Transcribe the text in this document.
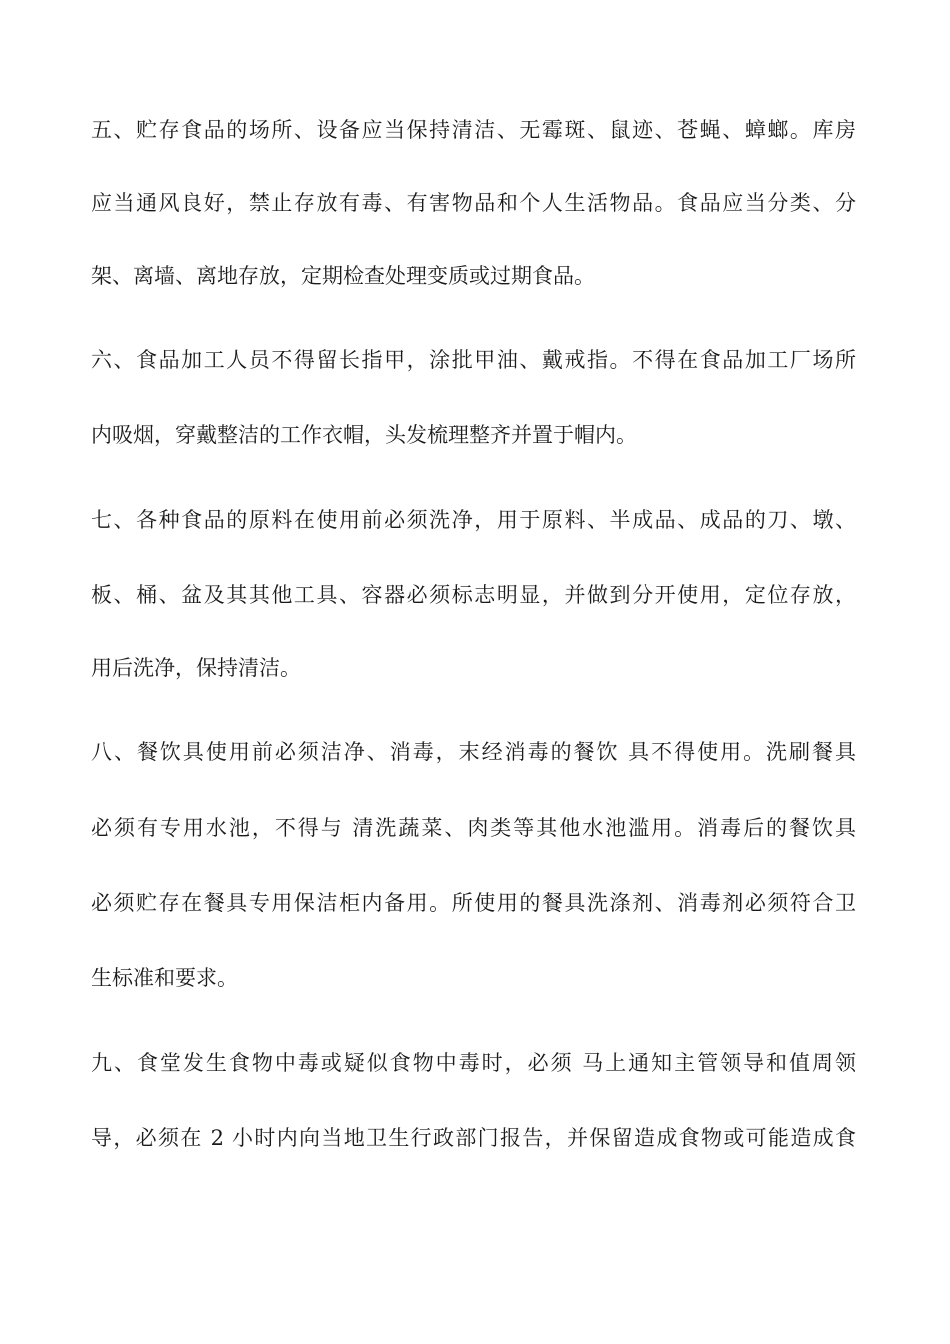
五、贮存食品的场所、设备应当保持清洁、无霉斑、鼠迹、苍蝇、蟑螂。库房
应当通风良好，禁止存放有毒、有害物品和个人生活物品。食品应当分类、分
架、离墙、离地存放，定期检查处理变质或过期食品。
六、食品加工人员不得留长指甲，涂批甲油、戴戒指。不得在食品加工厂场所
内吸烟，穿戴整洁的工作衣帽，头发梳理整齐并置于帽内。
七、各种食品的原料在使用前必须洗净，用于原料、半成品、成品的刀、墩、
板、桶、盆及其其他工具、容器必须标志明显，并做到分开使用，定位存放，
用后洗净，保持清洁。
八、餐饮具使用前必须洁净、消毒，末经消毒的餐饮 具不得使用。洗刷餐具
必须有专用水池，不得与 清洗蔬菜、肉类等其他水池滥用。消毒后的餐饮具
必须贮存在餐具专用保洁柜内备用。所使用的餐具洗涤剂、消毒剂必须符合卫
生标准和要求。
九、食堂发生食物中毒或疑似食物中毒时，必须 马上通知主管领导和值周领
导，必须在 2 小时内向当地卫生行政部门报告，并保留造成食物或可能造成食
